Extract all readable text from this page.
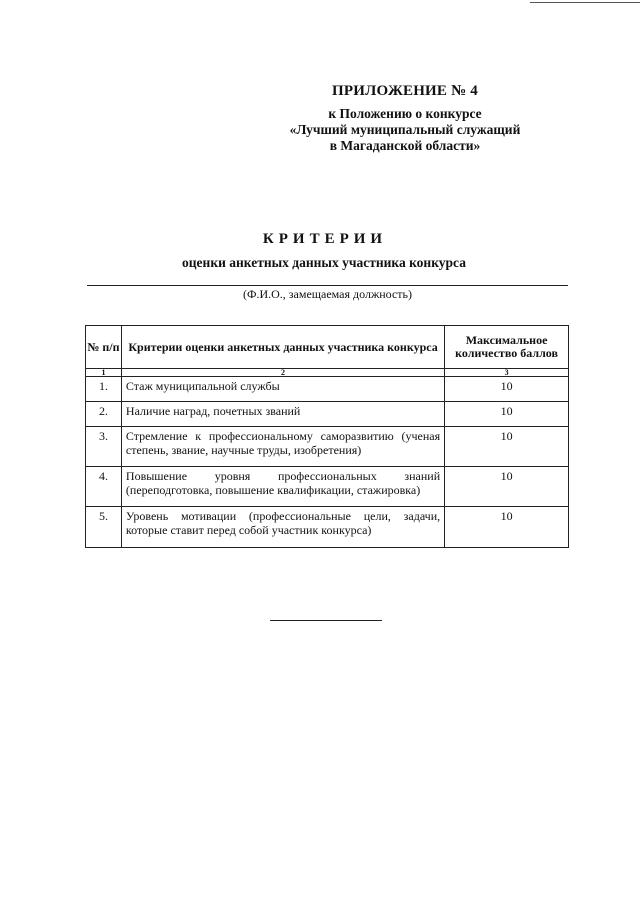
ПРИЛОЖЕНИЕ № 4
к Положению о конкурсе
«Лучший муниципальный служащий
в Магаданской области»
КРИТЕРИИ
оценки анкетных данных участника конкурса
(Ф.И.О., замещаемая должность)
№ п/п	Критерии оценки анкетных данных участника конкурса	Максимальное количество баллов
1	2	3
1.	Стаж муниципальной службы	10
2.	Наличие наград, почетных званий	10
3.	Стремление к профессиональному саморазвитию (ученая степень, звание, научные труды, изобретения)	10
4.	Повышение уровня профессиональных знаний (переподготовка, повышение квалификации, стажировка)	10
5.	Уровень мотивации (профессиональные цели, задачи, которые ставит перед собой участник конкурса)	10
